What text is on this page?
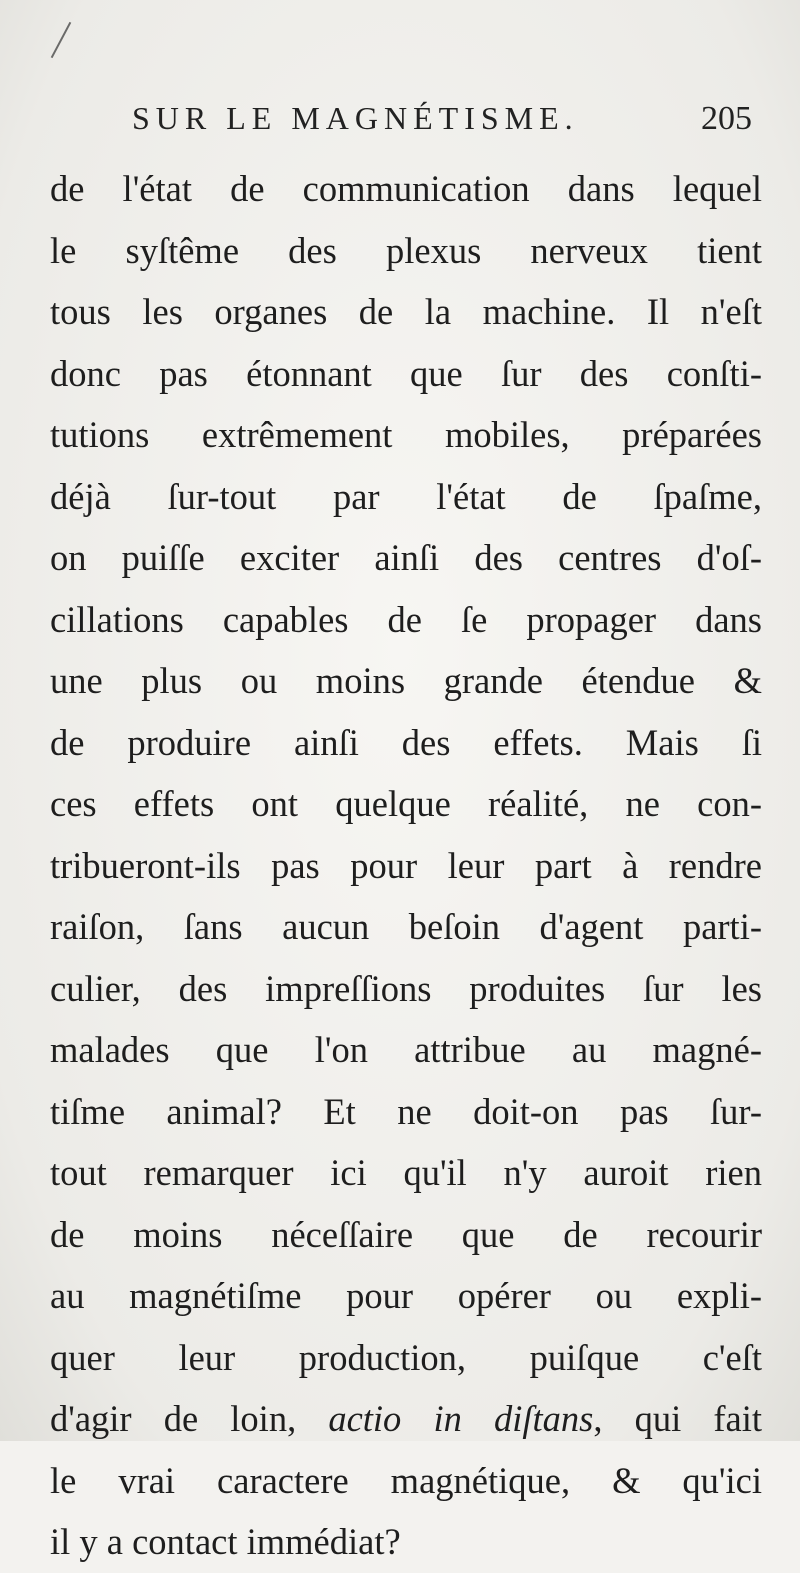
SUR LE MAGNÉTISME.	205
de l'état de communication dans lequel
le syſtême des plexus nerveux tient
tous les organes de la machine. Il n'eſt
donc pas étonnant que ſur des conſti-
tutions extrêmement mobiles, préparées
déjà ſur-tout par l'état de ſpaſme,
on puiſſe exciter ainſi des centres d'oſ-
cillations capables de ſe propager dans
une plus ou moins grande étendue &
de produire ainſi des effets. Mais ſi
ces effets ont quelque réalité, ne con-
tribueront-ils pas pour leur part à rendre
raiſon, ſans aucun beſoin d'agent parti-
culier, des impreſſions produites ſur les
malades que l'on attribue au magné-
tiſme animal? Et ne doit-on pas ſur-
tout remarquer ici qu'il n'y auroit rien
de moins néceſſaire que de recourir
au magnétiſme pour opérer ou expli-
quer leur production, puiſque c'eſt
d'agir de loin, actio in diſtans, qui fait
le vrai caractere magnétique, & qu'ici
il y a contact immédiat?
